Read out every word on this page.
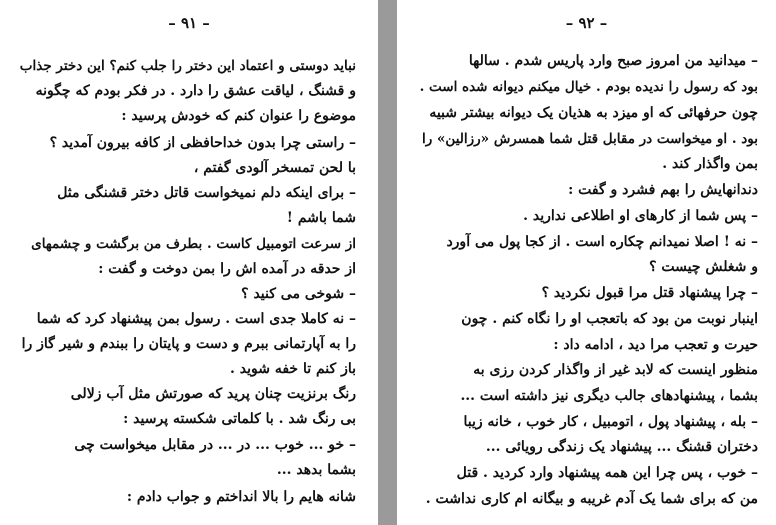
– ۹۱ –
نباید دوستی و اعتماد این دختر را جلب کنم؟ این دختر جذاب
و قشنگ ، لیاقت عشق را دارد . در فکر بودم که چگونه
موضوع را عنوان کنم که خودش پرسید :
– راستی چرا بدون خداحافظی از کافه بیرون آمدید ؟
با لحن تمسخر آلودی گفتم ،
– برای اینکه دلم نمیخواست قاتل دختر قشنگی مثل
شما باشم !
از سرعت اتومبیل کاست . بطرف من برگشت و چشمهای
از حدقه در آمده اش را بمن دوخت و گفت :
– شوخی می کنید ؟
– نه کاملا جدی است . رسول بمن پیشنهاد کرد که شما
را به آپارتمانی ببرم و دست و پایتان را ببندم و شیر گاز را
باز کنم تا خفه شوید .
رنگ برنزیت چنان پرید که صورتش مثل آب زلالی
بی رنگ شد . با کلماتی شکسته پرسید :
– خو ... خوب ... در ... در مقابل میخواست چی
بشما بدهد ...
شانه هایم را بالا انداختم و جواب دادم :
– ۹۲ –
– میدانید من امروز صبح وارد پاریس شدم . سالها
بود که رسول را ندیده بودم . خیال میکنم دیوانه شده است .
چون حرفهائی که او میزد به هذیان یک دیوانه بیشتر شبیه
بود . او میخواست در مقابل قتل شما همسرش «رزالین» را
بمن واگذار کند .
دندانهایش را بهم فشرد و گفت :
– پس شما از کارهای او اطلاعی ندارید .
– نه ! اصلا نمیدانم چکاره است . از کجا پول می آورد
و شغلش چیست ؟
– چرا پیشنهاد قتل مرا قبول نکردید ؟
اینبار نوبت من بود که باتعجب او را نگاه کنم . چون
حیرت و تعجب مرا دید ، ادامه داد :
منظور اینست که لابد غیر از واگذار کردن رزی به
بشما ، پیشنهادهای جالب دیگری نیز داشته است ...
– بله ، پیشنهاد پول ، اتومبیل ، کار خوب ، خانه زیبا
دختران قشنگ ... پیشنهاد یک زندگی رویائی ...
– خوب ، پس چرا این همه پیشنهاد وارد کردید . قتل
من که برای شما یک آدم غریبه و بیگانه ام کاری نداشت .
